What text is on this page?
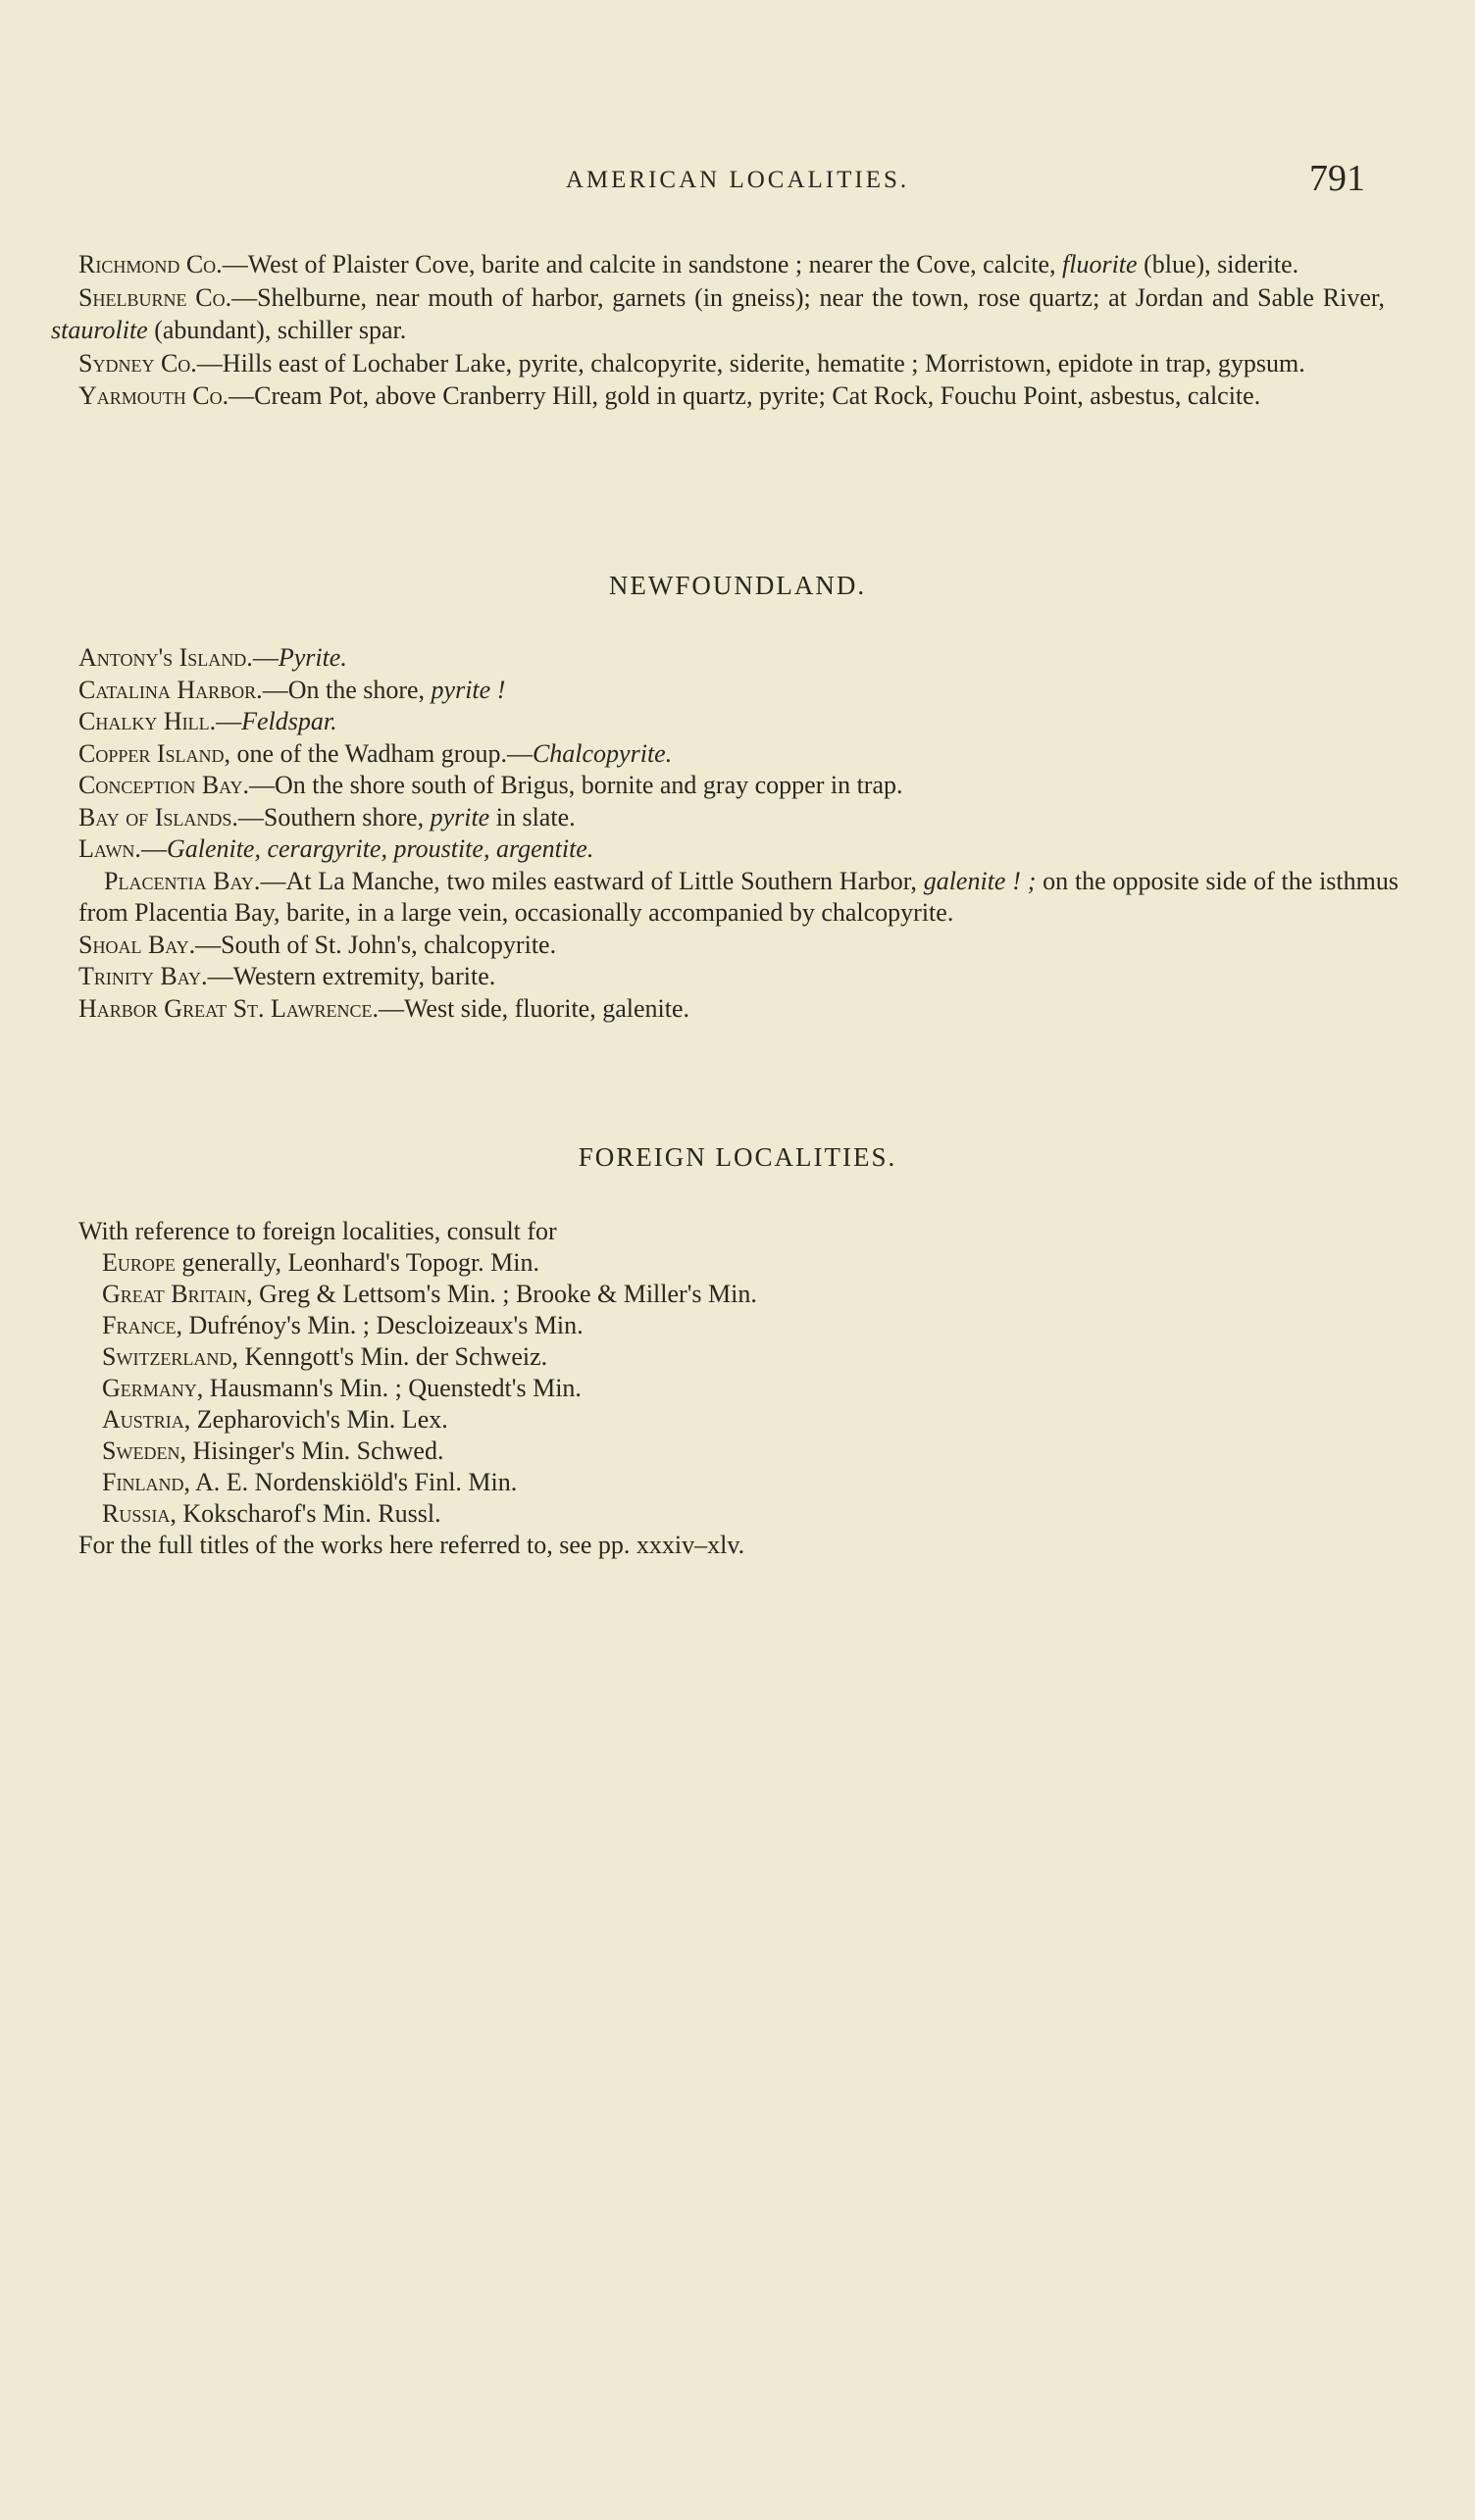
AMERICAN LOCALITIES.	791

Richmond Co.—West of Plaister Cove, barite and calcite in sandstone ; nearer the Cove, calcite, fluorite (blue), siderite.

Shelburne Co.—Shelburne, near mouth of harbor, garnets (in gneiss); near the town, rose quartz; at Jordan and Sable River, staurolite (abundant), schiller spar.

Sydney Co.—Hills east of Lochaber Lake, pyrite, chalcopyrite, siderite, hematite ; Morristown, epidote in trap, gypsum.

Yarmouth Co.—Cream Pot, above Cranberry Hill, gold in quartz, pyrite; Cat Rock, Fouchu Point, asbestus, calcite.

NEWFOUNDLAND.
Antony's Island.—Pyrite.
Catalina Harbor.—On the shore, pyrite !
Chalky Hill.—Feldspar.
Copper Island, one of the Wadham group.—Chalcopyrite.
Conception Bay.—On the shore south of Brigus, bornite and gray copper in trap.
Bay of Islands.—Southern shore, pyrite in slate.
Lawn.—Galenite, cerargyrite, proustite, argentite.
Placentia Bay.—At La Manche, two miles eastward of Little Southern Harbor, galenite ! ; on the opposite side of the isthmus from Placentia Bay, barite, in a large vein, occasionally accompanied by chalcopyrite.
Shoal Bay.—South of St. John's, chalcopyrite.
Trinity Bay.—Western extremity, barite.
Harbor Great St. Lawrence.—West side, fluorite, galenite.
FOREIGN LOCALITIES.
With reference to foreign localities, consult for
Europe generally, Leonhard's Topogr. Min.
Great Britain, Greg & Lettsom's Min. ; Brooke & Miller's Min.
France, Dufrénoy's Min. ; Descloizeaux's Min.
Switzerland, Kenngott's Min. der Schweiz.
Germany, Hausmann's Min. ; Quenstedt's Min.
Austria, Zepharovich's Min. Lex.
Sweden, Hisinger's Min. Schwed.
Finland, A. E. Nordenskiöld's Finl. Min.
Russia, Kokscharof's Min. Russl.
For the full titles of the works here referred to, see pp. xxxiv–xlv.
